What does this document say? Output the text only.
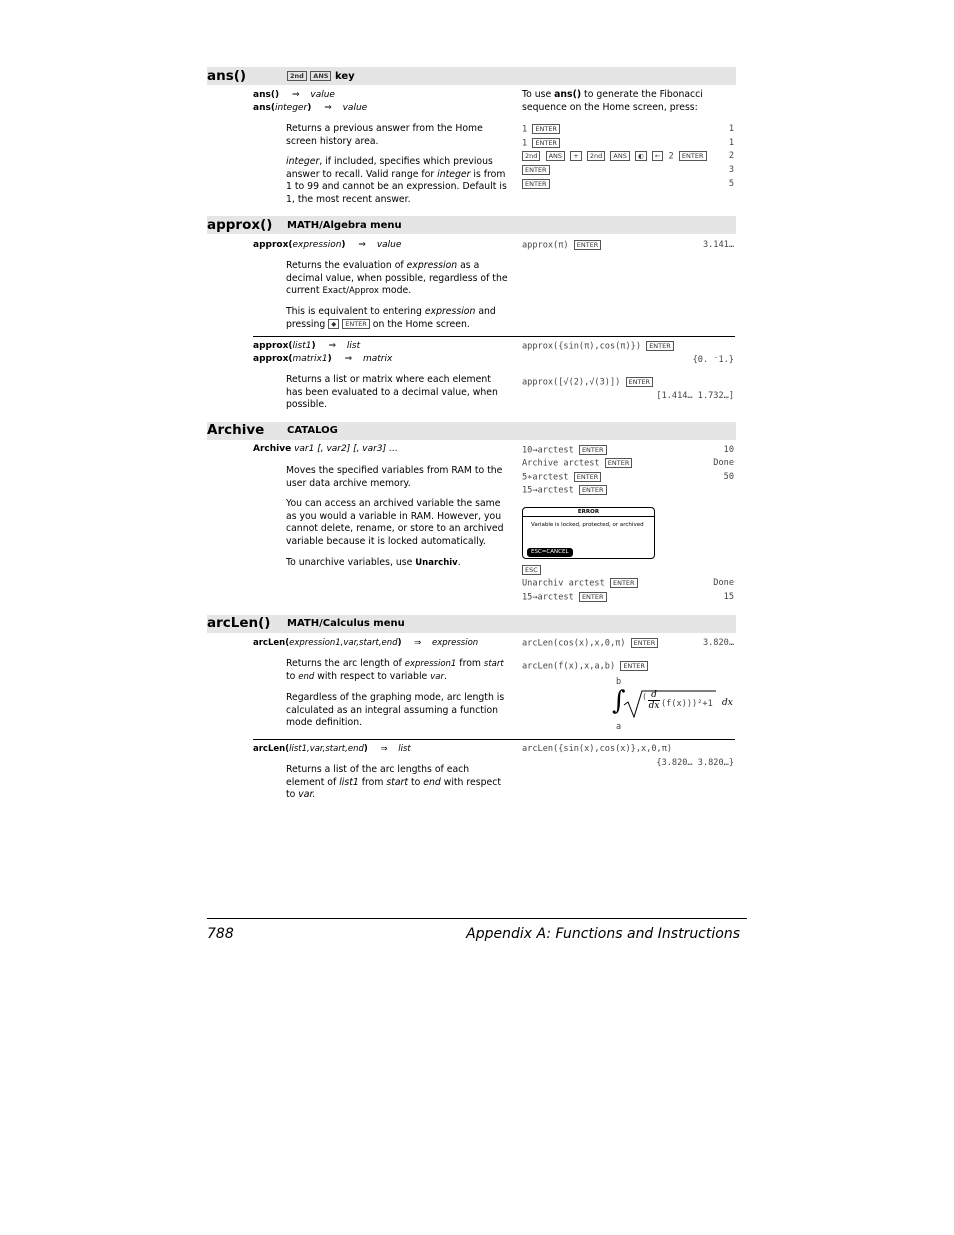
ans()	2nd ANS key
ans() ⇒ value
ans(integer) ⇒ value
Returns a previous answer from the Home screen history area.
integer, if included, specifies which previous answer to recall. Valid range for integer is from 1 to 99 and cannot be an expression. Default is 1, the most recent answer.
To use ans() to generate the Fibonacci sequence on the Home screen, press:
1 ENTER	1
1 ENTER	1
2nd ANS + 2nd ANS ◐ ← 2 ENTER	2
ENTER	3
ENTER	5
approx() MATH/Algebra menu
approx(expression) ⇒ value	approx(π) ENTER	3.141…
Returns the evaluation of expression as a decimal value, when possible, regardless of the current Exact/Approx mode.
This is equivalent to entering expression and pressing ◆ ENTER on the Home screen.
approx(list1) ⇒ list
approx(matrix1) ⇒ matrix
approx({sin(π),cos(π)}) ENTER
{0. ⁻1.}
Returns a list or matrix where each element has been evaluated to a decimal value, when possible.
approx([√(2),√(3)]) ENTER
[1.414… 1.732…]
Archive CATALOG
Archive var1 [, var2] [, var3] …	10→arctest ENTER	10
Archive arctest ENTER	Done
5∗arctest ENTER	50
15→arctest ENTER
Moves the specified variables from RAM to the user data archive memory.
You can access an archived variable the same as you would a variable in RAM. However, you cannot delete, rename, or store to an archived variable because it is locked automatically.
To unarchive variables, use Unarchiv.
ERROR
Variable is locked, protected, or archived
ESC=CANCEL
ESC
Unarchiv arctest ENTER	Done
15→arctest ENTER	15
arcLen() MATH/Calculus menu
arcLen(expression1,var,start,end) ⇒ expression	arcLen(cos(x),x,0,π) ENTER	3.820…
arcLen(f(x),x,a,b) ENTER
b
∫ ( d
dx (f(x)))²+1 dx
a
Returns the arc length of expression1 from start to end with respect to variable var.
Regardless of the graphing mode, arc length is calculated as an integral assuming a function mode definition.
arcLen(list1,var,start,end) ⇒ list	arcLen({sin(x),cos(x)},x,0,π)
{3.820… 3.820…}
Returns a list of the arc lengths of each element of list1 from start to end with respect to var.
788	Appendix A: Functions and Instructions
